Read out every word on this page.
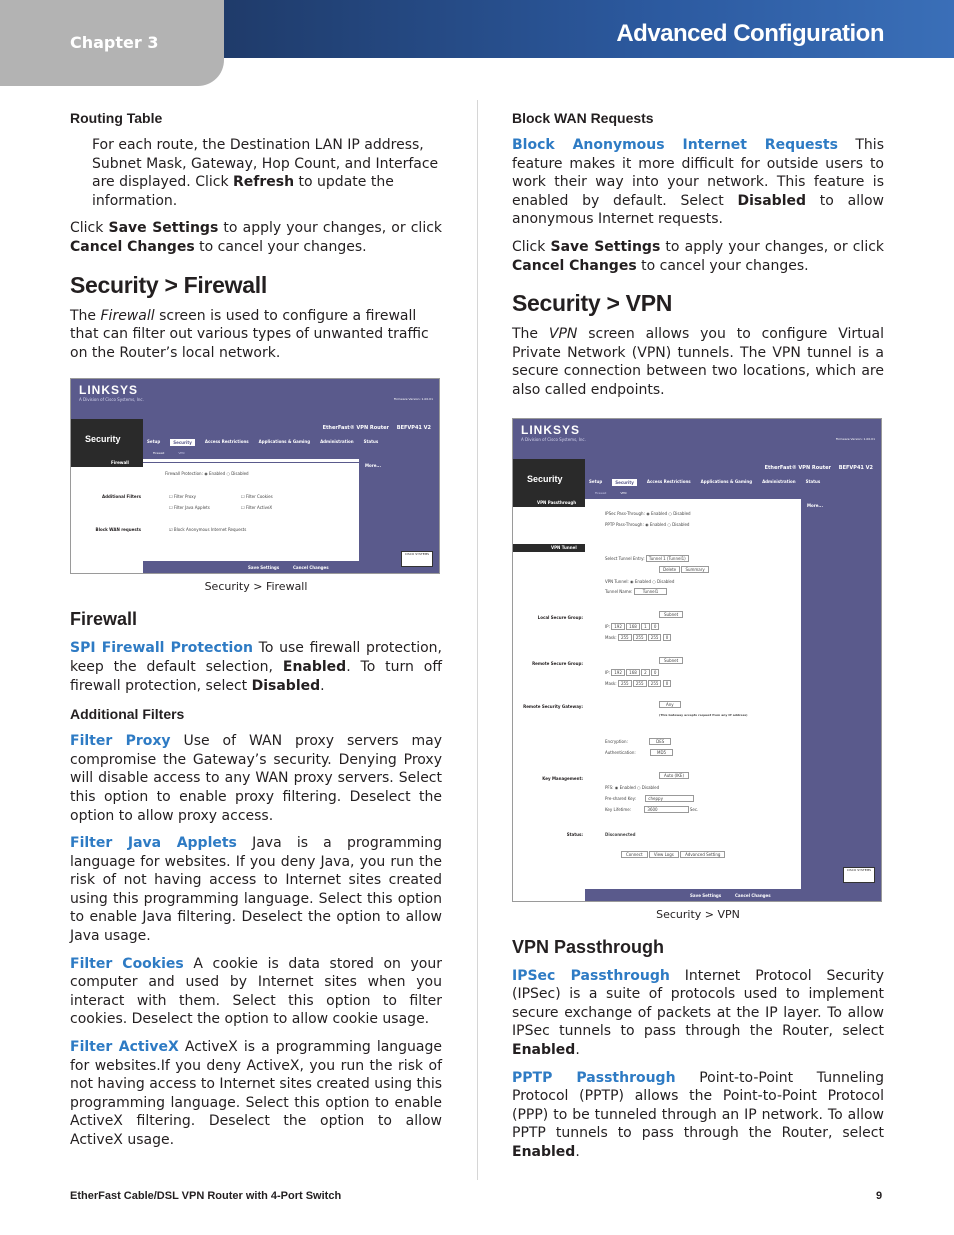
Chapter 3	Advanced Configuration
Routing Table

For each route, the Destination LAN IP address, Subnet Mask, Gateway, Hop Count, and Interface are displayed. Click Refresh to update the information.

Click Save Settings to apply your changes, or click Cancel Changes to cancel your changes.

Security > Firewall

The Firewall screen is used to configure a firewall that can filter out various types of unwanted traffic on the Router’s local network.

LINKSYS
A Division of Cisco Systems, Inc.	Firmware Version: 1.00.01
Security
EtherFast® VPN Router BEFVP41 V2
Setup	Security	Access Restrictions	Applications & Gaming	Administration	Status
Firewall	VPN
Firewall
Additional Filters
Block WAN requests
Firewall Protection: ◉ Enabled ○ Disabled
☐ Filter Proxy	☐ Filter Cookies
☐ Filter Java Applets	☐ Filter ActiveX
☑ Block Anonymous Internet Requests
More...
Save Settings	Cancel Changes
CISCO SYSTEMS
Security > Firewall
Firewall

SPI Firewall Protection To use firewall protection, keep the default selection, Enabled. To turn off firewall protection, select Disabled.

Additional Filters

Filter Proxy Use of WAN proxy servers may compromise the Gateway’s security. Denying Proxy will disable access to any WAN proxy servers. Select this option to enable proxy filtering. Deselect the option to allow proxy access.

Filter Java Applets Java is a programming language for websites. If you deny Java, you run the risk of not having access to Internet sites created using this programming language. Select this option to enable Java filtering. Deselect the option to allow Java usage.

Filter Cookies A cookie is data stored on your computer and used by Internet sites when you interact with them. Select this option to filter cookies. Deselect the option to allow cookie usage.

Filter ActiveX ActiveX is a programming language for websites.If you deny ActiveX, you run the risk of not having access to Internet sites created using this programming language. Select this option to enable ActiveX filtering. Deselect the option to allow ActiveX usage.

Block WAN Requests

Block Anonymous Internet Requests This feature makes it more difficult for outside users to work their way into your network. This feature is enabled by default. Select Disabled to allow anonymous Internet requests.

Click Save Settings to apply your changes, or click Cancel Changes to cancel your changes.

Security > VPN

The VPN screen allows you to configure Virtual Private Network (VPN) tunnels. The VPN tunnel is a secure connection between two locations, which are also called endpoints.

LINKSYS
A Division of Cisco Systems, Inc.	Firmware Version: 1.00.01
Security
EtherFast® VPN Router BEFVP41 V2
Setup	Security	Access Restrictions	Applications & Gaming	Administration	Status
Firewall	VPN
VPN Passthrough
IPSec Pass-Through: ◉ Enabled ○ Disabled
PPTP Pass-Through: ◉ Enabled ○ Disabled
VPN Tunnel
Select Tunnel Entry: Tunnel 1 (Tunnel1)
Delete Summary
VPN Tunnel: ◉ Enabled ○ Disabled
Tunnel Name:	Tunnel1
Local Secure Group:
Subnet
IP: 192 168 1 0
Mask: 255 255 255 0
Remote Secure Group:
Subnet
IP: 192 168 2 0
Mask: 255 255 255 0
Remote Security Gateway:	Any
(This Gateway accepts request from any IP address)
Encryption:	DES
Authentication:	MD5
Key Management:
Auto (IKE)
PFS: ◉ Enabled ○ Disabled
Pre-shared Key:	cheppy
Key Lifetime:	3600	Sec.
Status:	Disconnected
Connect	View Logs	Advanced Setting
More...
Save Settings	Cancel Changes
CISCO SYSTEMS
Security > VPN
VPN Passthrough

IPSec Passthrough Internet Protocol Security (IPSec) is a suite of protocols used to implement secure exchange of packets at the IP layer. To allow IPSec tunnels to pass through the Router, select Enabled.

PPTP Passthrough Point-to-Point Tunneling Protocol (PPTP) allows the Point-to-Point Protocol (PPP) to be tunneled through an IP network. To allow PPTP tunnels to pass through the Router, select Enabled.

EtherFast Cable/DSL VPN Router with 4-Port Switch	9
